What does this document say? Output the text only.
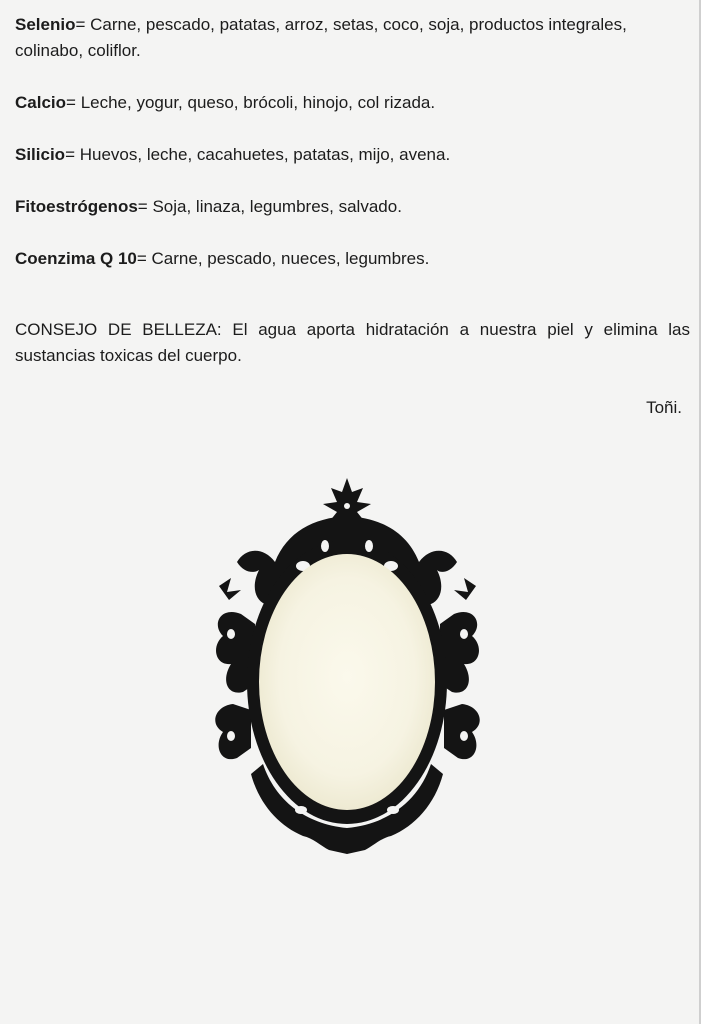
Selenio= Carne, pescado, patatas, arroz, setas, coco, soja, productos integrales, colinabo, coliflor.

Calcio= Leche, yogur, queso, brócoli, hinojo, col rizada.

Silicio= Huevos, leche, cacahuetes, patatas, mijo, avena.

Fitoestrógenos= Soja, linaza, legumbres, salvado.

Coenzima Q 10= Carne, pescado, nueces, legumbres.

CONSEJO DE BELLEZA: El agua aporta hidratación a nuestra piel y elimina las sustancias toxicas del cuerpo.
Toñi.
